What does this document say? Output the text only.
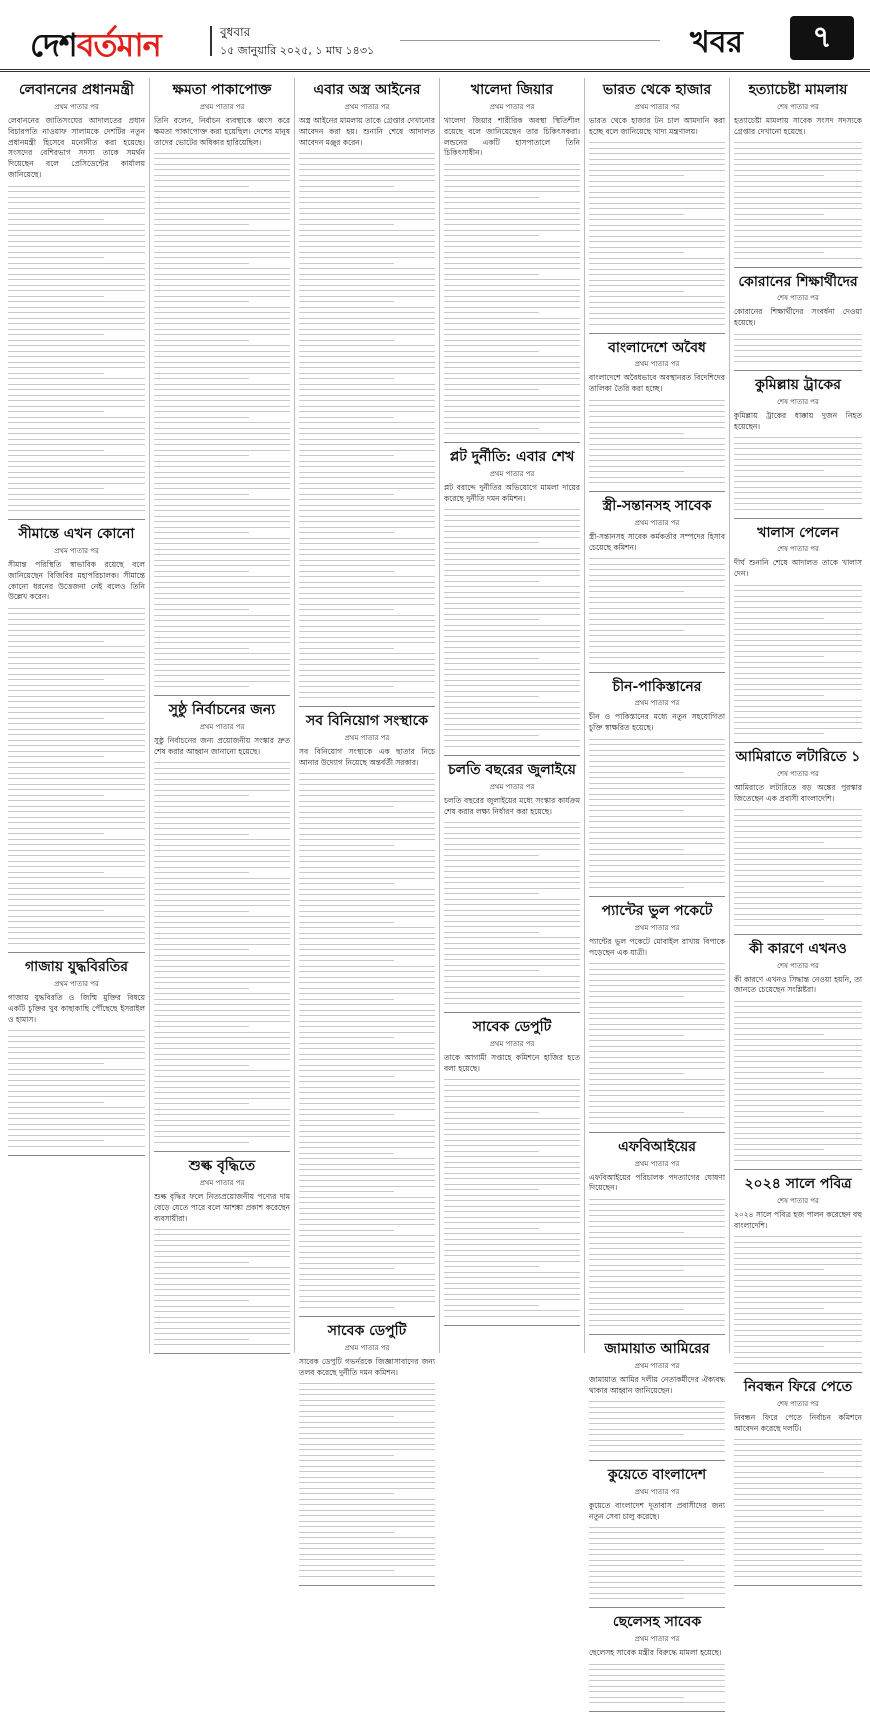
দেশবর্তমান	বুধবার
১৫ জানুয়ারি ২০২৫, ১ মাঘ ১৪৩১	খবর	৭
লেবাননের প্রধানমন্ত্রী
প্রথম পাতার পর

লেবাননের জাতিসংঘের আদালতের প্রধান বিচারপতি নাওয়াফ সালামকে দেশটির নতুন প্রধানমন্ত্রী হিসেবে মনোনীত করা হয়েছে। সংসদের বেশিরভাগ সদস্য তাকে সমর্থন দিয়েছেন বলে প্রেসিডেন্টের কার্যালয় জানিয়েছে।

সীমান্তে এখন কোনো
প্রথম পাতার পর

সীমান্ত পরিস্থিতি স্বাভাবিক রয়েছে বলে জানিয়েছেন বিজিবির মহাপরিচালক। সীমান্তে কোনো ধরনের উত্তেজনা নেই বলেও তিনি উল্লেখ করেন।

গাজায় যুদ্ধবিরতির
প্রথম পাতার পর

গাজায় যুদ্ধবিরতি ও জিম্মি মুক্তির বিষয়ে একটি চুক্তির খুব কাছাকাছি পৌঁছেছে ইসরাইল ও হামাস।

ক্ষমতা পাকাপোক্ত
প্রথম পাতার পর

তিনি বলেন, নির্বাচন ব্যবস্থাকে ধ্বংস করে ক্ষমতা পাকাপোক্ত করা হয়েছিল। দেশের মানুষ তাদের ভোটের অধিকার হারিয়েছিল।

সুষ্ঠু নির্বাচনের জন্য
প্রথম পাতার পর

সুষ্ঠু নির্বাচনের জন্য প্রয়োজনীয় সংস্কার দ্রুত শেষ করার আহ্বান জানানো হয়েছে।

শুল্ক বৃদ্ধিতে
প্রথম পাতার পর

শুল্ক বৃদ্ধির ফলে নিত্যপ্রয়োজনীয় পণ্যের দাম বেড়ে যেতে পারে বলে আশঙ্কা প্রকাশ করেছেন ব্যবসায়ীরা।

এবার অস্ত্র আইনের
প্রথম পাতার পর

অস্ত্র আইনের মামলায় তাকে গ্রেপ্তার দেখানোর আবেদন করা হয়। শুনানি শেষে আদালত আবেদন মঞ্জুর করেন।

সব বিনিয়োগ সংস্থাকে
প্রথম পাতার পর

সব বিনিয়োগ সংস্থাকে এক ছাতার নিচে আনার উদ্যোগ নিয়েছে অন্তর্বর্তী সরকার।

সাবেক ডেপুটি
প্রথম পাতার পর

সাবেক ডেপুটি গভর্নরকে জিজ্ঞাসাবাদের জন্য তলব করেছে দুর্নীতি দমন কমিশন।

খালেদা জিয়ার
প্রথম পাতার পর

খালেদা জিয়ার শারীরিক অবস্থা স্থিতিশীল রয়েছে বলে জানিয়েছেন তার চিকিৎসকরা। লন্ডনের একটি হাসপাতালে তিনি চিকিৎসাধীন।

প্লট দুর্নীতি: এবার শেখ
প্রথম পাতার পর

প্লট বরাদ্দে দুর্নীতির অভিযোগে মামলা দায়ের করেছে দুর্নীতি দমন কমিশন।

চলতি বছরের জুলাইয়ে
প্রথম পাতার পর

চলতি বছরের জুলাইয়ের মধ্যে সংস্কার কার্যক্রম শেষ করার লক্ষ্য নির্ধারণ করা হয়েছে।

সাবেক ডেপুটি
প্রথম পাতার পর

তাকে আগামী সপ্তাহে কমিশনে হাজির হতে বলা হয়েছে।

ভারত থেকে হাজার
প্রথম পাতার পর

ভারত থেকে হাজার টন চাল আমদানি করা হচ্ছে বলে জানিয়েছে খাদ্য মন্ত্রণালয়।

বাংলাদেশে অবৈধ
প্রথম পাতার পর

বাংলাদেশে অবৈধভাবে অবস্থানরত বিদেশিদের তালিকা তৈরি করা হচ্ছে।

স্ত্রী-সন্তানসহ সাবেক
প্রথম পাতার পর

স্ত্রী-সন্তানসহ সাবেক কর্মকর্তার সম্পদের হিসাব চেয়েছে কমিশন।

চীন-পাকিস্তানের
প্রথম পাতার পর

চীন ও পাকিস্তানের মধ্যে নতুন সহযোগিতা চুক্তি স্বাক্ষরিত হয়েছে।

প্যান্টের ভুল পকেটে
প্রথম পাতার পর

প্যান্টের ভুল পকেটে মোবাইল রাখায় বিপাকে পড়েছেন এক যাত্রী।

এফবিআইয়ের
প্রথম পাতার পর

এফবিআইয়ের পরিচালক পদত্যাগের ঘোষণা দিয়েছেন।

জামায়াত আমিরের
প্রথম পাতার পর

জামায়াত আমির দলীয় নেতাকর্মীদের ঐক্যবদ্ধ থাকার আহ্বান জানিয়েছেন।

কুয়েতে বাংলাদেশ
প্রথম পাতার পর

কুয়েতে বাংলাদেশ দূতাবাস প্রবাসীদের জন্য নতুন সেবা চালু করেছে।

ছেলেসহ সাবেক
প্রথম পাতার পর

ছেলেসহ সাবেক মন্ত্রীর বিরুদ্ধে মামলা হয়েছে।

হত্যাচেষ্টা মামলায়
শেষ পাতার পর

হত্যাচেষ্টা মামলায় সাবেক সংসদ সদস্যকে গ্রেপ্তার দেখানো হয়েছে।

কোরানের শিক্ষার্থীদের
শেষ পাতার পর

কোরানের শিক্ষার্থীদের সংবর্ধনা দেওয়া হয়েছে।

কুমিল্লায় ট্রাকের
শেষ পাতার পর

কুমিল্লায় ট্রাকের ধাক্কায় দুজন নিহত হয়েছেন।

খালাস পেলেন
শেষ পাতার পর

দীর্ঘ শুনানি শেষে আদালত তাকে খালাস দেন।

আমিরাতে লটারিতে ১
শেষ পাতার পর

আমিরাতে লটারিতে বড় অঙ্কের পুরস্কার জিতেছেন এক প্রবাসী বাংলাদেশি।

কী কারণে এখনও
শেষ পাতার পর

কী কারণে এখনও সিদ্ধান্ত নেওয়া হয়নি, তা জানতে চেয়েছেন সংশ্লিষ্টরা।

২০২৪ সালে পবিত্র
শেষ পাতার পর

২০২৪ সালে পবিত্র হজ পালন করেছেন বহু বাংলাদেশি।

নিবন্ধন ফিরে পেতে
শেষ পাতার পর

নিবন্ধন ফিরে পেতে নির্বাচন কমিশনে আবেদন করেছে দলটি।
